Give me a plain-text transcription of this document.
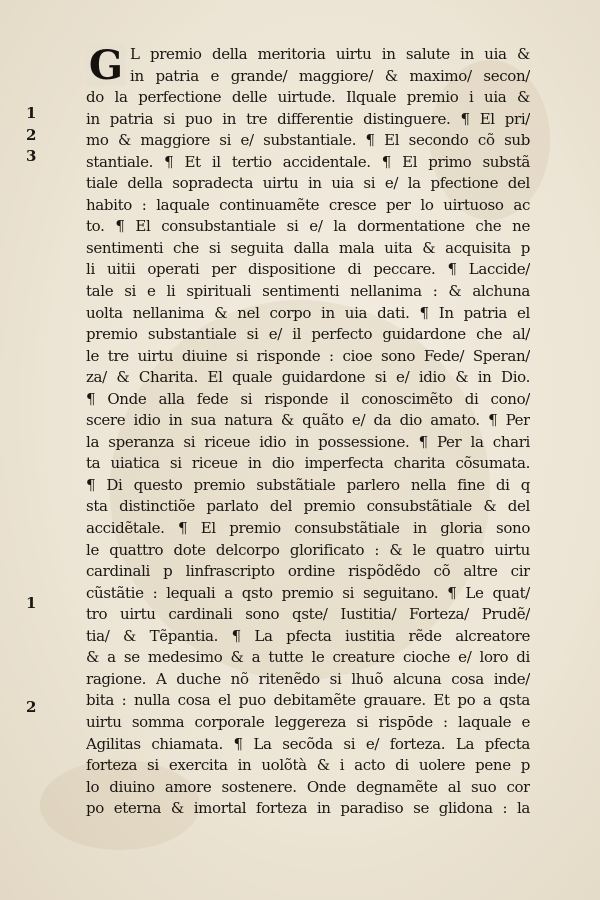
1
2
3
1
2
G L premio della meritoria uirtu in salute in uia &
in patria e grande/ maggiore/ & maximo/ secon/
do la perfectione delle uirtude. Ilquale premio i uia &
in patria si puo in tre differentie distinguere. ¶ El pri/
mo & maggiore si e/ substantiale. ¶ El secondo cõ sub
stantiale. ¶ Et il tertio accidentale. ¶ El primo substã
tiale della sopradecta uirtu in uia si e/ la pfectione del
habito : laquale continuamẽte cresce per lo uirtuoso ac
to. ¶ El consubstantiale si e/ la dormentatione che ne
sentimenti che si seguita dalla mala uita & acquisita p
li uitii operati per dispositione di peccare. ¶ Laccide/
tale si e li spirituali sentimenti nellanima : & alchuna
uolta nellanima & nel corpo in uia dati. ¶ In patria el
premio substantiale si e/ il perfecto guidardone che al/
le tre uirtu diuine si risponde : cioe sono Fede/ Speran/
za/ & Charita. El quale guidardone si e/ idio & in Dio.
¶ Onde alla fede si risponde il conoscimẽto di cono/
scere idio in sua natura & quãto e/ da dio amato. ¶ Per
la speranza si riceue idio in possessione. ¶ Per la chari
ta uiatica si riceue in dio imperfecta charita cõsumata.
¶ Di questo premio substãtiale parlero nella fine di q
sta distinctiõe parlato del premio consubstãtiale & del
accidẽtale. ¶ El premio consubstãtiale in gloria sono
le quattro dote delcorpo glorificato : & le quatro uirtu
cardinali p linfrascripto ordine rispõdẽdo cõ altre cir
cũstãtie : lequali a qsto premio si seguitano. ¶ Le quat/
tro uirtu cardinali sono qste/ Iustitia/ Forteza/ Prudẽ/
tia/ & Tẽpantia. ¶ La pfecta iustitia rẽde alcreatore
& a se medesimo & a tutte le creature cioche e/ loro di
ragione. A duche nõ ritenẽdo si lhuõ alcuna cosa inde/
bita : nulla cosa el puo debitamẽte grauare. Et po a qsta
uirtu somma corporale leggereza si rispōde : laquale e
Agilitas chiamata. ¶ La secõda si e/ forteza. La pfecta
forteza si exercita in uolõtà & i acto di uolere pene p
lo diuino amore sostenere. Onde degnamẽte al suo cor
po eterna & imortal forteza in paradiso se glidona : la
